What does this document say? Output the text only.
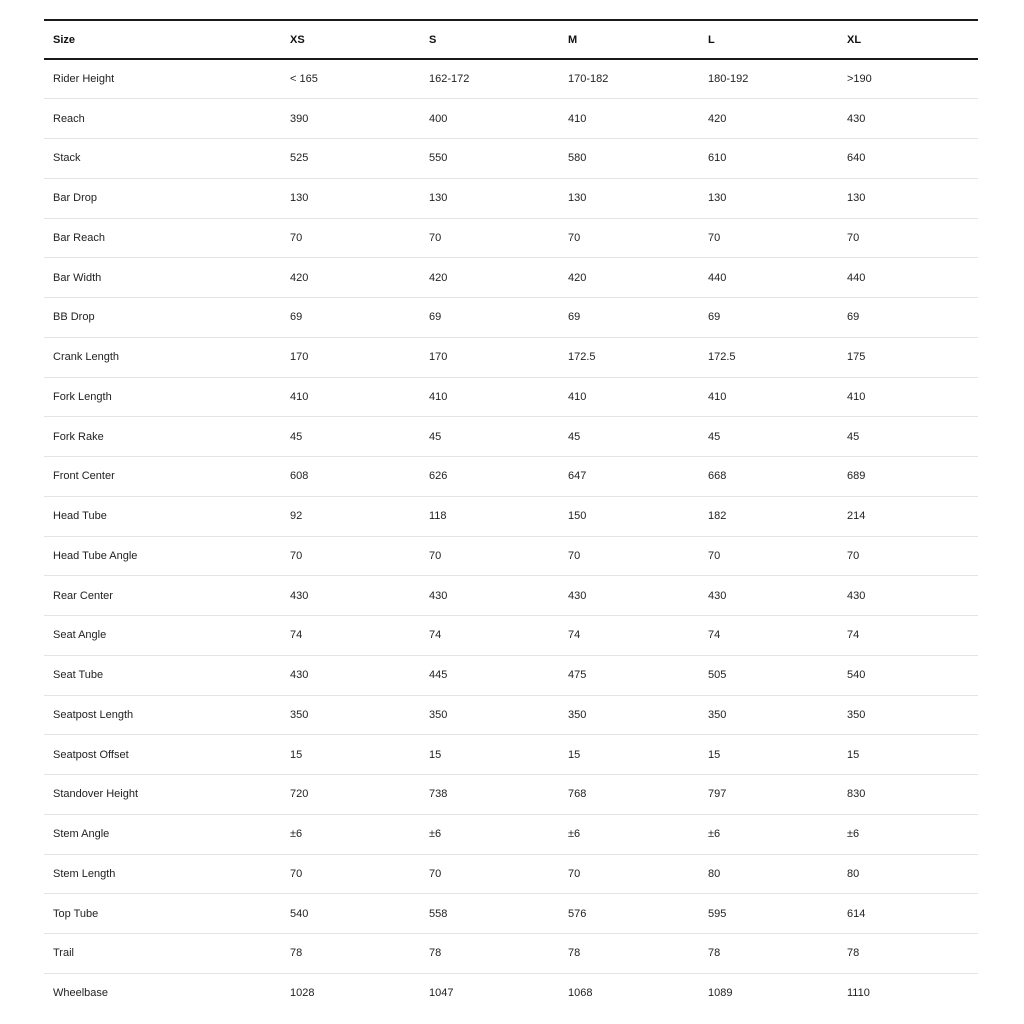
Size	XS	S	M	L	XL
Rider Height	< 165	162-172	170-182	180-192	>190
Reach	390	400	410	420	430
Stack	525	550	580	610	640
Bar Drop	130	130	130	130	130
Bar Reach	70	70	70	70	70
Bar Width	420	420	420	440	440
BB Drop	69	69	69	69	69
Crank Length	170	170	172.5	172.5	175
Fork Length	410	410	410	410	410
Fork Rake	45	45	45	45	45
Front Center	608	626	647	668	689
Head Tube	92	118	150	182	214
Head Tube Angle	70	70	70	70	70
Rear Center	430	430	430	430	430
Seat Angle	74	74	74	74	74
Seat Tube	430	445	475	505	540
Seatpost Length	350	350	350	350	350
Seatpost Offset	15	15	15	15	15
Standover Height	720	738	768	797	830
Stem Angle	±6	±6	±6	±6	±6
Stem Length	70	70	70	80	80
Top Tube	540	558	576	595	614
Trail	78	78	78	78	78
Wheelbase	1028	1047	1068	1089	1110
